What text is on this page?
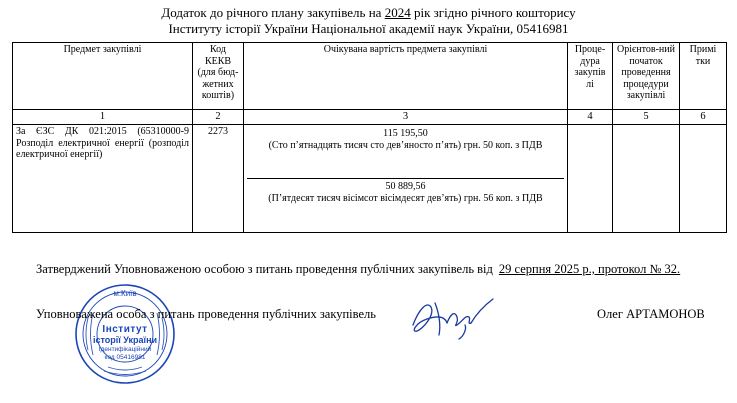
Додаток до річного плану закупівель на 2024 рік згідно річного кошторису
Інституту історії України Національної академії наук України, 05416981
Предмет закупівлі	Код КЕКВ (для бюд-жетних коштів)	Очікувана вартість предмета закупівлі	Проце-дура закупів лі	Орієнтов-ний початок проведення процедури закупівлі	Примі тки
1	2	3	4	5	6
За ЄЗС ДК 021:2015 (65310000-9 Розподіл електричної енергії (розподіл електричної енергії)	2273	115 195,50
(Сто п’ятнадцять тисяч сто дев’яносто п’ять) грн. 50 коп. з ПДВ
50 889,56
(П’ятдесят тисяч вісімсот вісімдесят дев’ять) грн. 56 коп. з ПДВ			

Затверджений Уповноваженою особою з питань проведення публічних закупівель від 29 серпня 2025 р., протокол № 32.
м.Київ
Інститут
історії України
Ідентифікаційний
код 05416981
Уповноважена особа з питань проведення публічних закупівель	Олег АРТАМОНОВ
